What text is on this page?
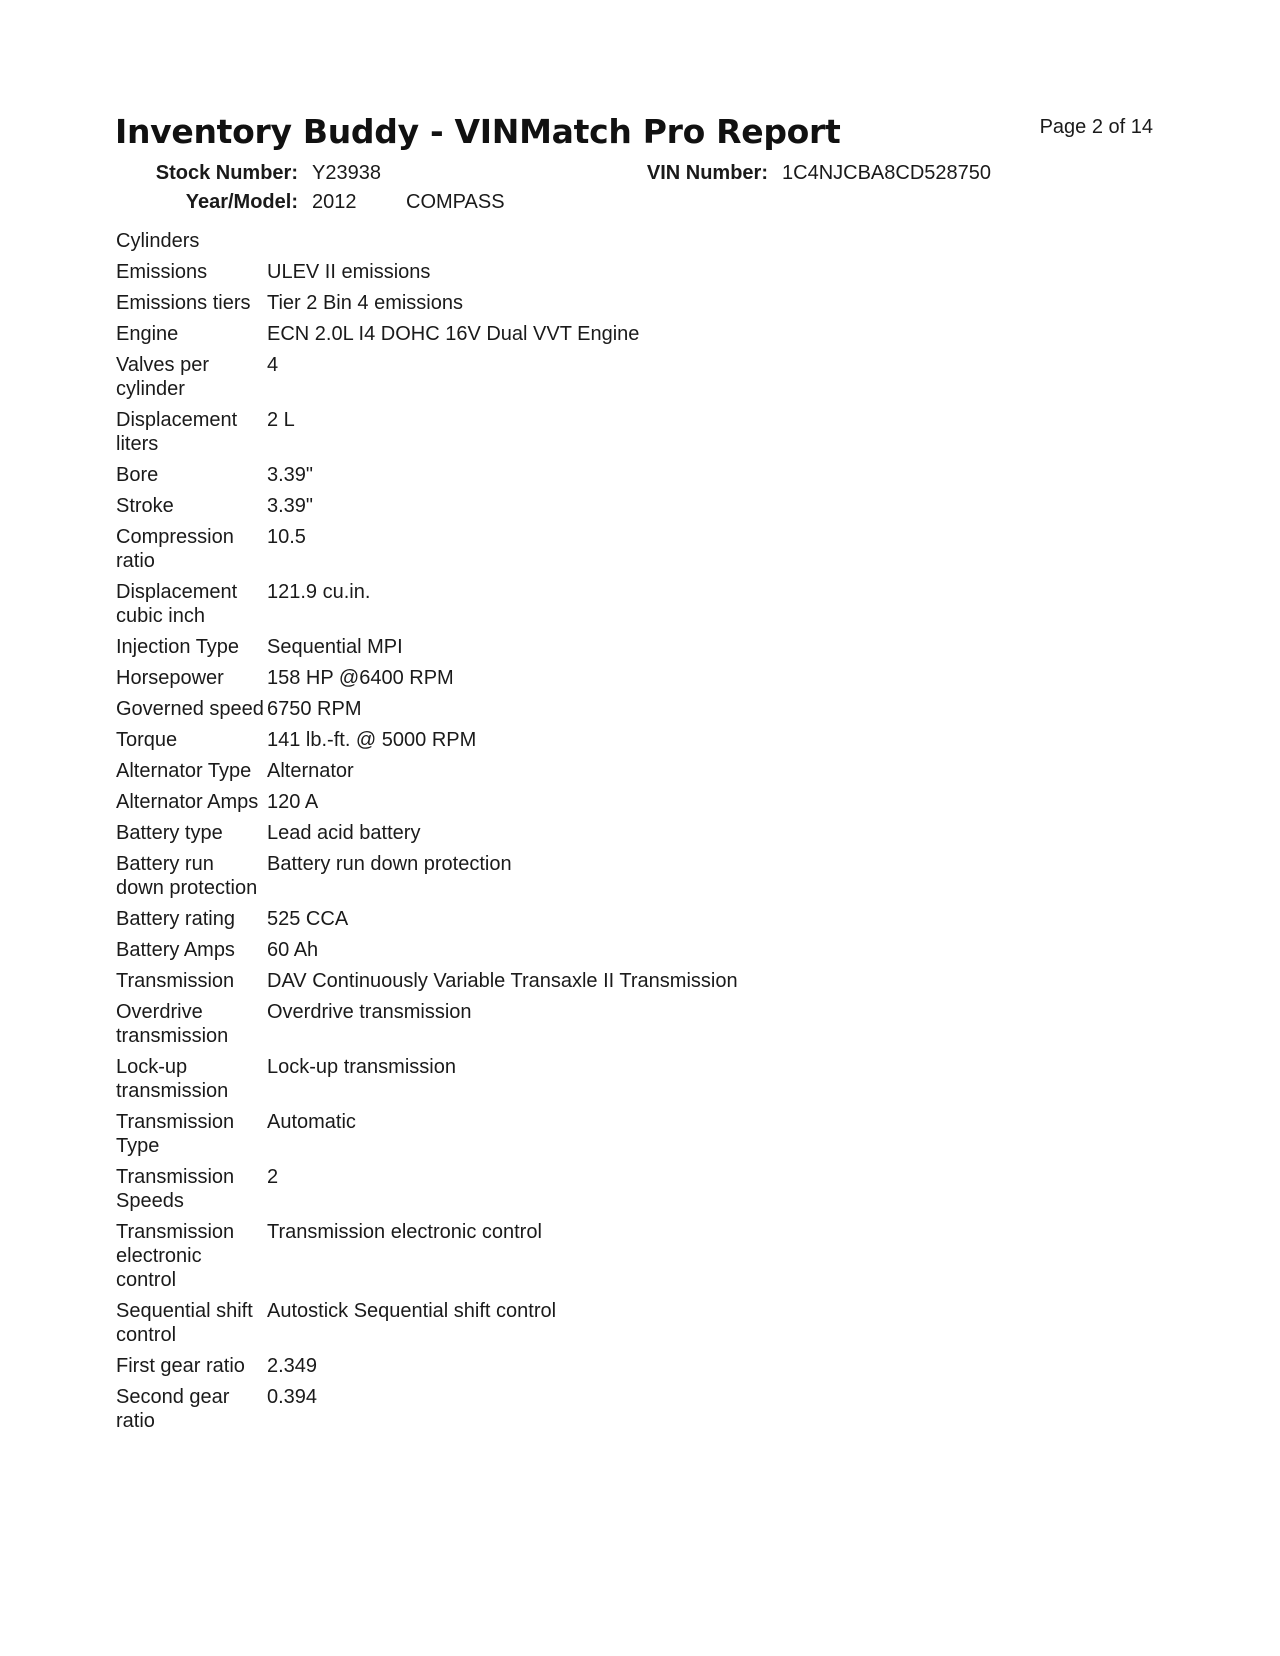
Inventory Buddy - VINMatch Pro Report	Page 2 of 14
Stock Number: Y23938	VIN Number: 1C4NJCBA8CD528750
Year/Model: 2012 COMPASS
Cylinders	
Emissions	ULEV II emissions
Emissions tiers	Tier 2 Bin 4 emissions
Engine	ECN 2.0L I4 DOHC 16V Dual VVT Engine
Valves per cylinder	4
Displacement liters	2 L
Bore	3.39"
Stroke	3.39"
Compression ratio	10.5
Displacement cubic inch	121.9 cu.in.
Injection Type	Sequential MPI
Horsepower	158 HP @6400 RPM
Governed speed	6750 RPM
Torque	141 lb.-ft. @ 5000 RPM
Alternator Type	Alternator
Alternator Amps	120 A
Battery type	Lead acid battery
Battery run down protection	Battery run down protection
Battery rating	525 CCA
Battery Amps	60 Ah
Transmission	DAV Continuously Variable Transaxle II Transmission
Overdrive transmission	Overdrive transmission
Lock-up transmission	Lock-up transmission
Transmission Type	Automatic
Transmission Speeds	2
Transmission electronic control	Transmission electronic control
Sequential shift control	Autostick Sequential shift control
First gear ratio	2.349
Second gear ratio	0.394
